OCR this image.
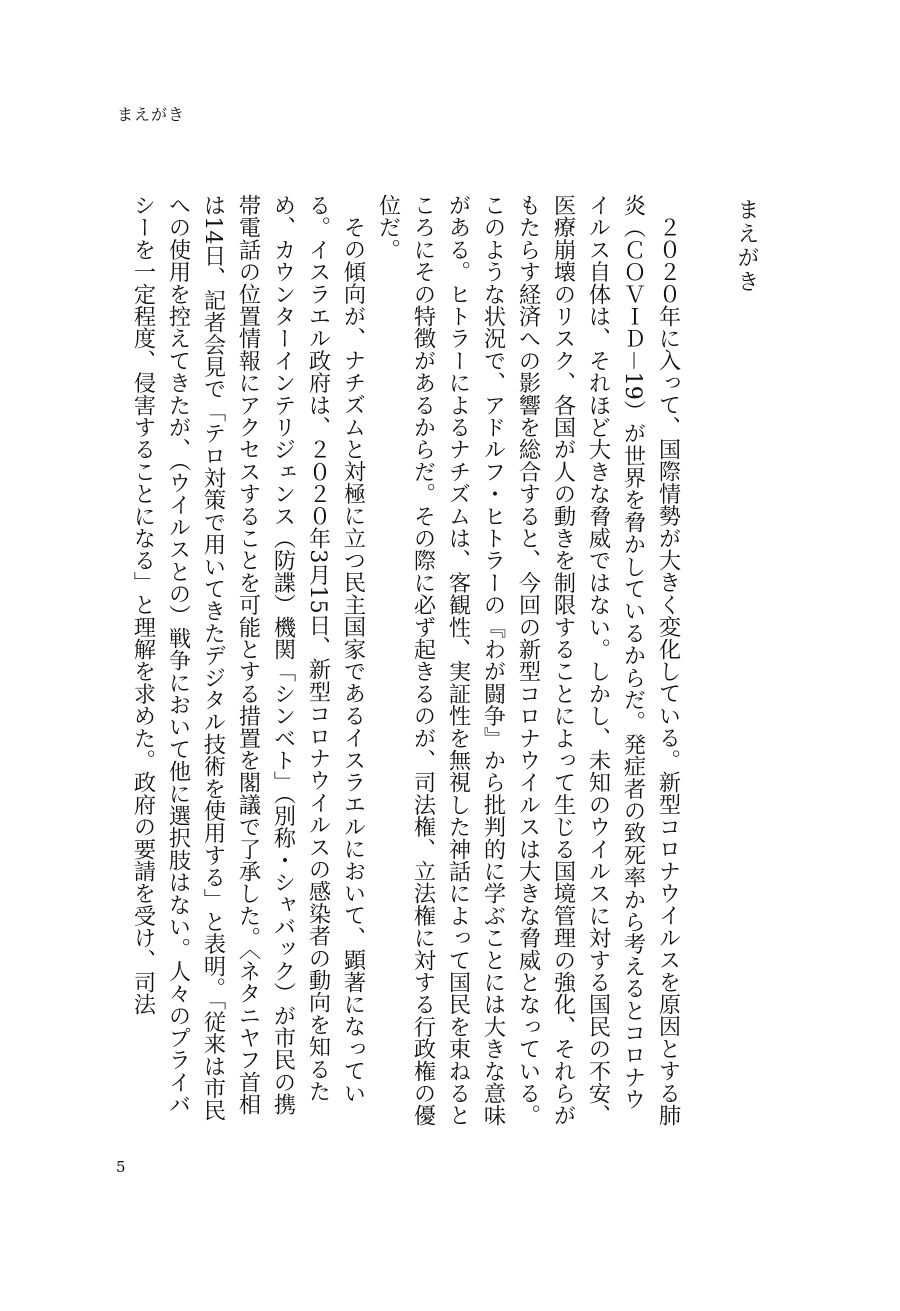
まえがき
まえがき

２０２０年に入って、国際情勢が大きく変化している。新型コロナウイルスを原因とする肺炎（ＣＯＶＩＤ－19）が世界を脅かしているからだ。発症者の致死率から考えるとコロナウイルス自体は、それほど大きな脅威ではない。しかし、未知のウイルスに対する国民の不安、医療崩壊のリスク、各国が人の動きを制限することによって生じる国境管理の強化、それらがもたらす経済への影響を総合すると、今回の新型コロナウイルスは大きな脅威となっている。このような状況で、アドルフ・ヒトラーの『わが闘争』から批判的に学ぶことには大きな意味がある。ヒトラーによるナチズムは、客観性、実証性を無視した神話によって国民を束ねるところにその特徴があるからだ。その際に必ず起きるのが、司法権、立法権に対する行政権の優位だ。

その傾向が、ナチズムと対極に立つ民主国家であるイスラエルにおいて、顕著になっている。イスラエル政府は、２０２０年3月15日、新型コロナウイルスの感染者の動向を知るため、カウンターインテリジェンス（防諜）機関「シンベト」（別称・シャバック）が市民の携帯電話の位置情報にアクセスすることを可能とする措置を閣議で了承した。〈ネタニヤフ首相は14日、記者会見で「テロ対策で用いてきたデジタル技術を使用する」と表明。「従来は市民への使用を控えてきたが、（ウイルスとの）戦争において他に選択肢はない。人々のプライバシーを一定程度、侵害することになる」と理解を求めた。政府の要請を受け、司法

5
